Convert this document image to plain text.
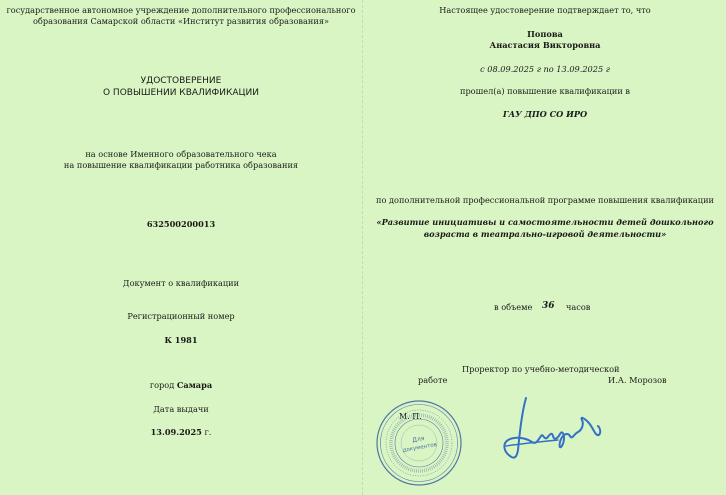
государственное автономное учреждение дополнительного профессионального
образования Самарской области «Институт развития образования»
УДОСТОВЕРЕНИЕ
О ПОВЫШЕНИИ КВАЛИФИКАЦИИ
на основе Именного образовательного чека
на повышение квалификации работника образования
632500200013
Документ о квалификации
Регистрационный номер
К 1981
город Самара
Дата выдачи
13.09.2025 г.
Настоящее удостоверение подтверждает то, что
Попова
Анастасия Викторовна
с 08.09.2025 г по 13.09.2025 г
прошел(а) повышение квалификации в
ГАУ ДПО СО ИРО
по дополнительной профессиональной программе повышения квалификации
«Развитие инициативы и самостоятельности детей дошкольного
возраста в театрально-игровой деятельности»
в объеме 36 часов
Проректор по учебно-методической
работе	И.А. Морозов
Для
документов
М. П.
